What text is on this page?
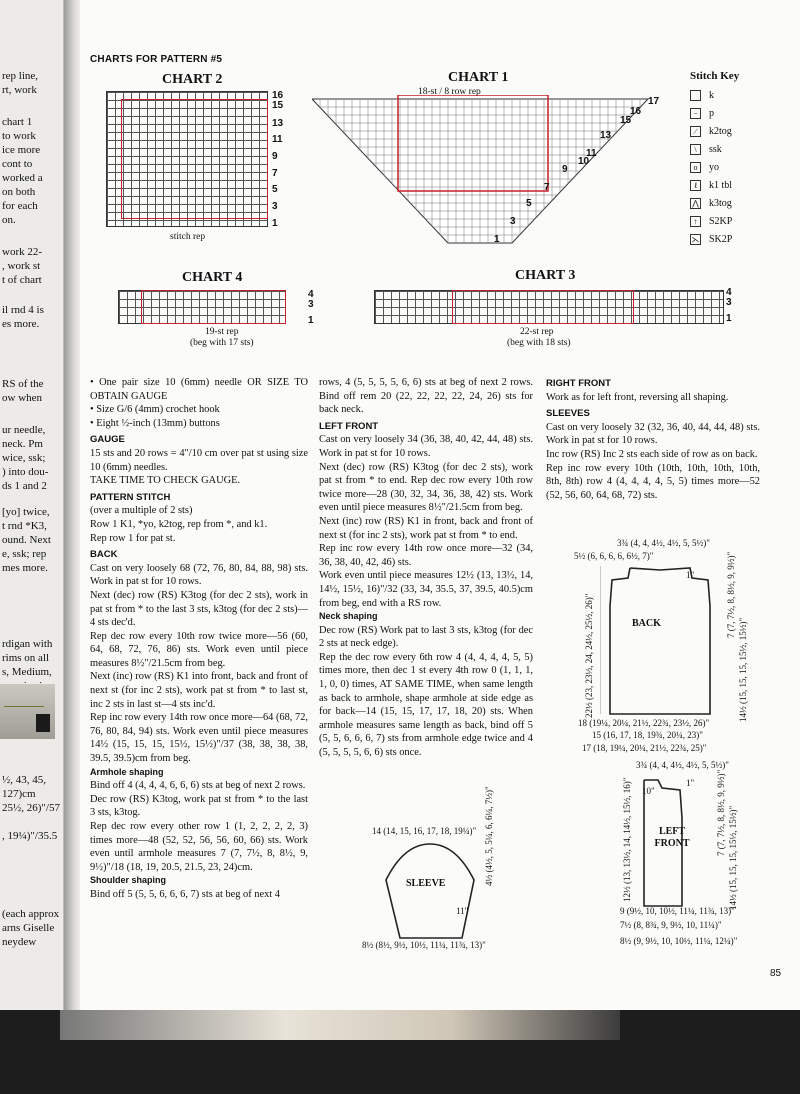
rep line,
rt, work
chart 1
to work
ice more
cont to
worked a
on both
for each
on.
work 22-
, work st
t of chart
il rnd 4 is
es more.
RS of the
ow when
ur needle,
neck. Pm
wice, ssk;
) into dou-
ds 1 and 2
[yo] twice,
t rnd *K3,
ound. Next
e, ssk; rep
mes more.
rdigan with
rims on all
s, Medium,
½, 43, 45,
127)cm
25½, 26)"/57
, 19¼)"/35.5
(each approx
arns Giselle
neydew
CHARTS FOR PATTERN #5
CHART 2
16
15
13
11
9
7
5
3
1
stitch rep
CHART 1
18-st / 8 row rep
17
16
15
13
11
10
9
7
5
3
1
Stitch Key
k
−	p
⁄	k2tog
\	ssk
o	yo
ℓ	k1 tbl
⋀ k3tog
↑	S2KP
⋋ SK2P
CHART 4
4
3
1
19-st rep
(beg with 17 sts)
CHART 3
4
3
1
22-st rep
(beg with 18 sts)

• One pair size 10 (6mm) needle OR SIZE TO OBTAIN GAUGE

• Size G/6 (4mm) crochet hook

• Eight ½-inch (13mm) buttons

GAUGE

15 sts and 20 rows = 4"/10 cm over pat st using size 10 (6mm) needles.

TAKE TIME TO CHECK GAUGE.

PATTERN STITCH

(over a multiple of 2 sts)

Row 1 K1, *yo, k2tog, rep from *, and k1.

Rep row 1 for pat st.

BACK

Cast on very loosely 68 (72, 76, 80, 84, 88, 98) sts. Work in pat st for 10 rows.

Next (dec) row (RS) K3tog (for dec 2 sts), work in pat st from * to the last 3 sts, k3tog (for dec 2 sts)—4 sts dec'd.

Rep dec row every 10th row twice more—56 (60, 64, 68, 72, 76, 86) sts. Work even until piece measures 8½"/21.5cm from beg.

Next (inc) row (RS) K1 into front, back and front of next st (for inc 2 sts), work pat st from * to last st, inc 2 sts in last st—4 sts inc'd.

Rep inc row every 14th row once more—64 (68, 72, 76, 80, 84, 94) sts. Work even until piece measures 14½ (15, 15, 15, 15½, 15½)"/37 (38, 38, 38, 38, 39.5, 39.5)cm from beg.

Armhole shaping

Bind off 4 (4, 4, 4, 6, 6, 6) sts at beg of next 2 rows.

Dec row (RS) K3tog, work pat st from * to the last 3 sts, k3tog.

Rep dec row every other row 1 (1, 2, 2, 2, 2, 3) times more—48 (52, 52, 56, 56, 60, 66) sts. Work even until armhole measures 7 (7, 7½, 8, 8½, 9, 9½)"/18 (18, 19, 20.5, 21.5, 23, 24)cm.

Shoulder shaping

Bind off 5 (5, 5, 6, 6, 6, 7) sts at beg of next 4

rows, 4 (5, 5, 5, 5, 6, 6) sts at beg of next 2 rows. Bind off rem 20 (22, 22, 22, 22, 24, 26) sts for back neck.

LEFT FRONT

Cast on very loosely 34 (36, 38, 40, 42, 44, 48) sts. Work in pat st for 10 rows.

Next (dec) row (RS) K3tog (for dec 2 sts), work pat st from * to end. Rep dec row every 10th row twice more—28 (30, 32, 34, 36, 38, 42) sts. Work even until piece measures 8½"/21.5cm from beg.

Next (inc) row (RS) K1 in front, back and front of next st (for inc 2 sts), work pat st from * to end.

Rep inc row every 14th row once more—32 (34, 36, 38, 40, 42, 46) sts.

Work even until piece measures 12½ (13, 13½, 14, 14½, 15½, 16)"/32 (33, 34, 35.5, 37, 39.5, 40.5)cm from beg, end with a RS row.

Neck shaping

Dec row (RS) Work pat to last 3 sts, k3tog (for dec 2 sts at neck edge).

Rep the dec row every 6th row 4 (4, 4, 4, 4, 5, 5) times more, then dec 1 st every 4th row 0 (1, 1, 1, 1, 0, 0) times, AT SAME TIME, when same length as back to armhole, shape armhole at side edge as for back—14 (15, 15, 17, 17, 18, 20) sts. When armhole measures same length as back, bind off 5 (5, 5, 6, 6, 6, 7) sts from armhole edge twice and 4 (5, 5, 5, 5, 6, 6) sts once.

RIGHT FRONT

Work as for left front, reversing all shaping.

SLEEVES

Cast on very loosely 32 (32, 36, 40, 44, 44, 48) sts. Work in pat st for 10 rows.

Inc row (RS) Inc 2 sts each side of row as on back.

Rep inc row every 10th (10th, 10th, 10th, 10th, 8th, 8th) row 4 (4, 4, 4, 4, 5, 5) times more—52 (52, 56, 60, 64, 68, 72) sts.

3¾ (4, 4, 4½, 4½, 5, 5½)"
5½ (6, 6, 6, 6, 6½, 7)"
1"
BACK
22½ (23, 23½, 24, 24½, 25½, 26)"	7 (7, 7½, 8, 8½, 9, 9½)"
14½ (15, 15, 15, 15½, 15½)"
18 (19¼, 20¼, 21½, 22¾, 23½, 26)"
15 (16, 17, 18, 19¾, 20¼, 23)"
17 (18, 19¼, 20¼, 21½, 22¾, 25)"
3¾ (4, 4, 4½, 4½, 5, 5½)"
1"
10"
LEFT FRONT
12½ (13, 13½, 14, 14½, 15½, 16)"	7 (7, 7½, 8, 8½, 9, 9½)" 14½ (15, 15, 15, 15½, 15½)"
9 (9½, 10, 10½, 11¼, 11¾, 13)"
7½ (8, 8¾, 9, 9½, 10, 11¼)"
8½ (9, 9½, 10, 10½, 11¼, 12¼)"
14 (14, 15, 16, 17, 18, 19¼)"
SLEEVE	4½ (4½, 5, 5¼, 6, 6¼, 7½)"
11"
8½ (8½, 9½, 10½, 11¼, 11¾, 13)"
85
